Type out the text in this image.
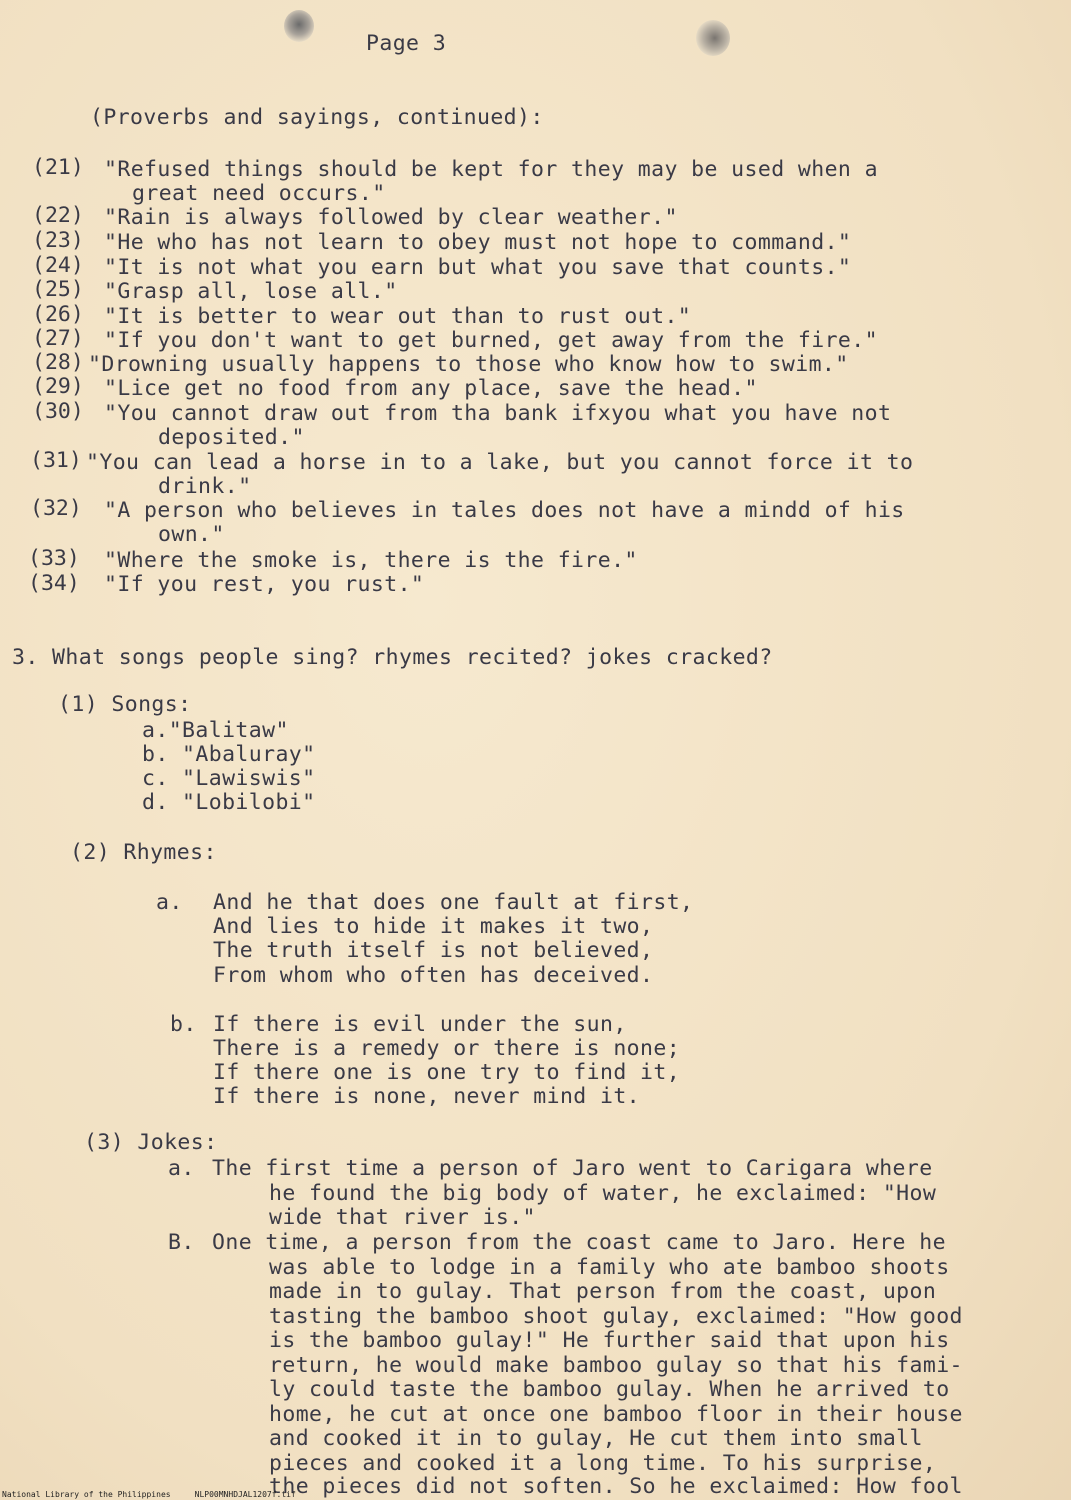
Page 3
(Proverbs and sayings, continued):
(21) "Refused things should be kept for they may be used when a
great need occurs."
(22) "Rain is always followed by clear weather."
(23) "He who has not learn to obey must not hope to command."
(24) "It is not what you earn but what you save that counts."
(25) "Grasp all, lose all."
(26) "It is better to wear out than to rust out."
(27) "If you don't want to get burned, get away from the fire."
(28) "Drowning usually happens to those who know how to swim."
(29) "Lice get no food from any place, save the head."
(30) "You cannot draw out from tha bank ifxyou what you have not
deposited."
(31) "You can lead a horse in to a lake, but you cannot force it to
drink."
(32) "A person who believes in tales does not have a mindd of his
own."
(33) "Where the smoke is, there is the fire."
(34) "If you rest, you rust."
3. What songs people sing? rhymes recited? jokes cracked?
(1) Songs:
a."Balitaw"
b. "Abaluray"
c. "Lawiswis"
d. "Lobilobi"
(2) Rhymes:
a. And he that does one fault at first,
And lies to hide it makes it two,
The truth itself is not believed,
From whom who often has deceived.
b. If there is evil under the sun,
There is a remedy or there is none;
If there one is one try to find it,
If there is none, never mind it.
(3) Jokes:
a. The first time a person of Jaro went to Carigara where
he found the big body of water, he exclaimed: "How
wide that river is."
B. One time, a person from the coast came to Jaro. Here he
was able to lodge in a family who ate bamboo shoots
made in to gulay. That person from the coast, upon
tasting the bamboo shoot gulay, exclaimed: "How good
is the bamboo gulay!" He further said that upon his
return, he would make bamboo gulay so that his fami-
ly could taste the bamboo gulay. When he arrived to
home, he cut at once one bamboo floor in their house
and cooked it in to gulay, He cut them into small
pieces and cooked it a long time. To his surprise,
the pieces did not soften. So he exclaimed: How fool
National Library of the Philippines     NLP00MNHDJAL1207f.tif
